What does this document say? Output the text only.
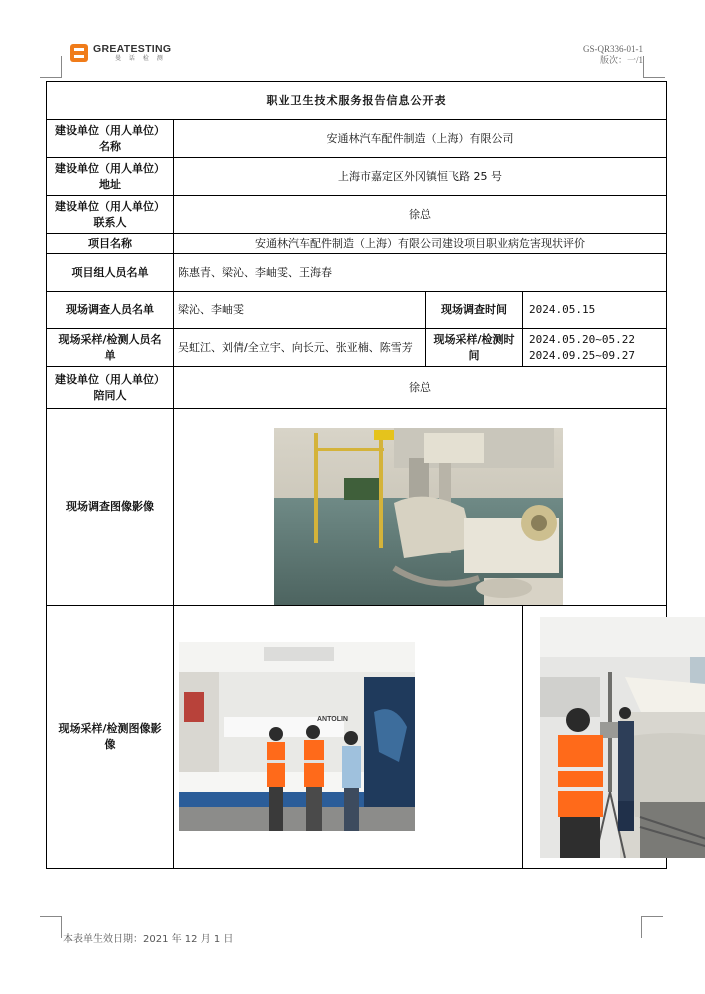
GREATESTING
曼 话 检 测
GS-QR336-01-1
版次：一/1
职业卫生技术服务报告信息公开表			
建设单位（用人单位）名称	安通林汽车配件制造（上海）有限公司		
建设单位（用人单位）地址	上海市嘉定区外冈镇恒飞路 25 号		
建设单位（用人单位）联系人	徐总		
项目名称	安通林汽车配件制造（上海）有限公司建设项目职业病危害现状评价		
项目组人员名单	陈惠青、梁沁、李岫雯、王海春		
现场调查人员名单	梁沁、李岫雯	现场调查时间	2024.05.15
现场采样/检测人员名单	吴虹江、刘倩/全立宇、向长元、张亚楠、陈雪芳	现场采样/检测时间	2024.05.20~05.22
2024.09.25~09.27

建设单位（用人单位）陪同人	徐总		
现场调查图像影像	

现场采样/检测图像影像	ANTOLIN

本表单生效日期：2021 年 12 月 1 日
